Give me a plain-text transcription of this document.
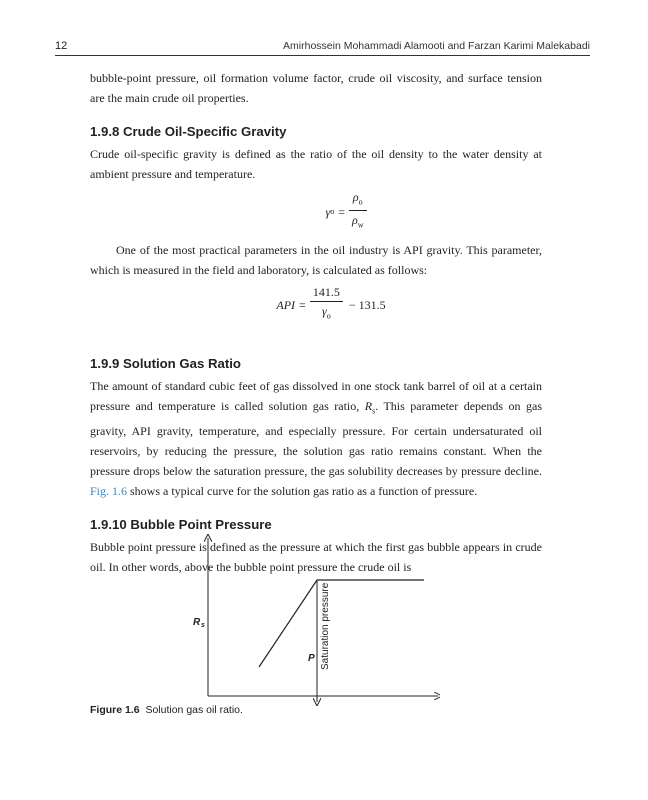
12	Amirhossein Mohammadi Alamooti and Farzan Karimi Malekabadi

bubble-point pressure, oil formation volume factor, crude oil viscosity, and surface tension are the main crude oil properties.

1.9.8 Crude Oil-Specific Gravity

Crude oil-specific gravity is defined as the ratio of the oil density to the water density at ambient pressure and temperature.

γ $o = \frac{\rho_o}{\rho_w}$

One of the most practical parameters in the oil industry is API gravity. This parameter, which is measured in the field and laboratory, is calculated as follows:

API = $\frac{141.5}{\gamma_o} - 131.5$
1.9.9 Solution Gas Ratio

The amount of standard cubic feet of gas dissolved in one stock tank barrel of oil at a certain pressure and temperature is called solution gas ratio, $R_s$. This parameter depends on gas gravity, API gravity, temperature, and especially pressure. For certain undersaturated oil reservoirs, by reducing the pressure, the solution gas ratio remains constant. When the pressure drops below the saturation pressure, the gas solubility decreases by pressure decline. Fig. 1.6 shows a typical curve for the solution gas ratio as a function of pressure.

1.9.10 Bubble Point Pressure

Bubble point pressure is defined as the pressure at which the first gas bubble appears in crude oil. In other words, above the bubble point pressure the crude oil is

R s
P Saturation pressure
Figure 1.6 Solution gas oil ratio.
